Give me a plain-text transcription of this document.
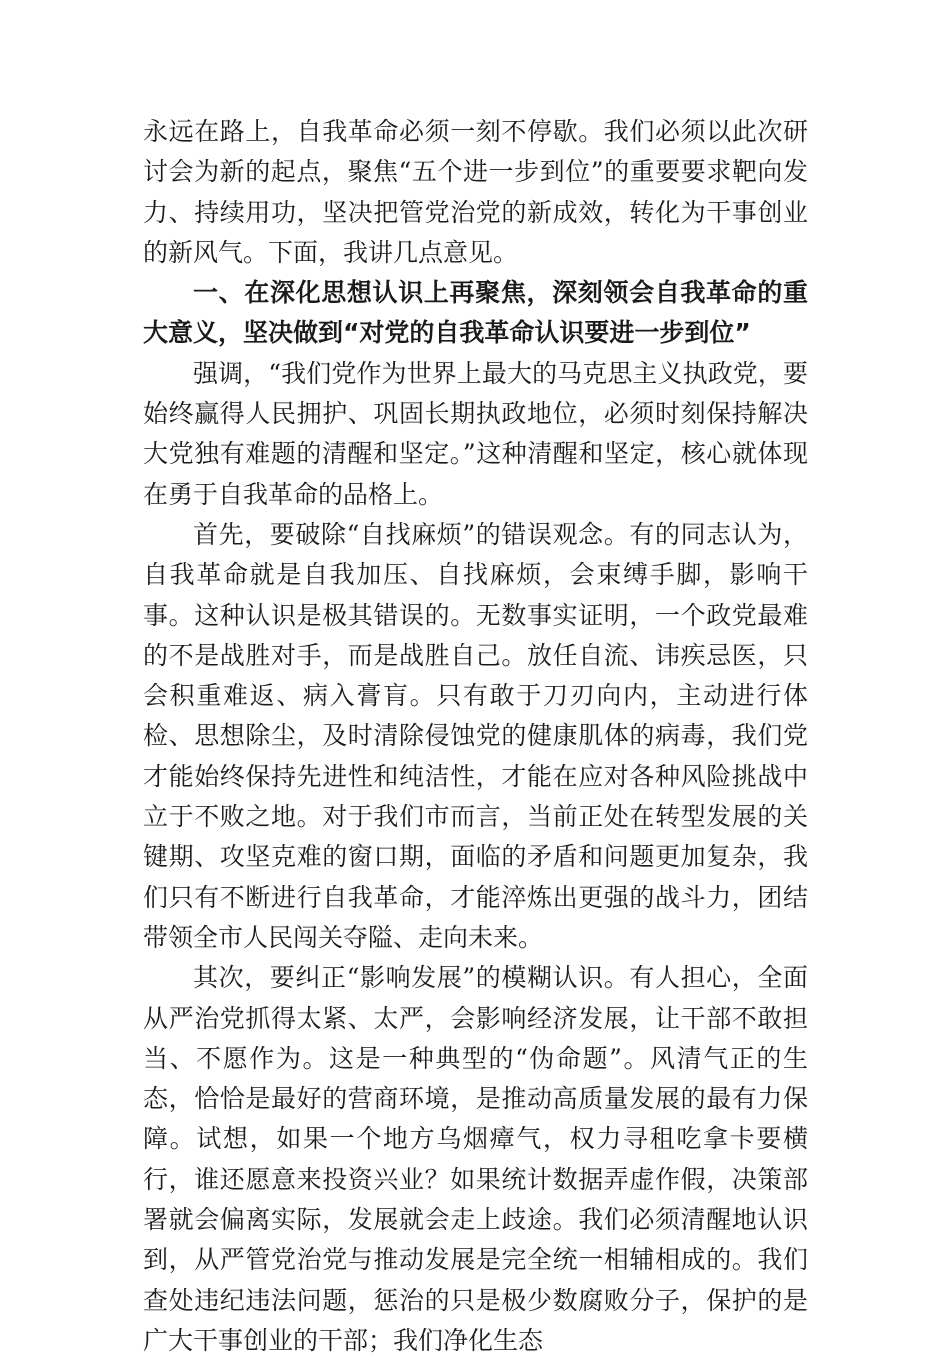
永远在路上，自我革命必须一刻不停歇。我们必须以此次研讨会为新的起点，聚焦“五个进一步到位”的重要要求靶向发力、持续用功，坚决把管党治党的新成效，转化为干事创业的新风气。下面，我讲几点意见。

一、在深化思想认识上再聚焦，深刻领会自我革命的重大意义，坚决做到“对党的自我革命认识要进一步到位”

强调，“我们党作为世界上最大的马克思主义执政党，要始终赢得人民拥护、巩固长期执政地位，必须时刻保持解决大党独有难题的清醒和坚定。”这种清醒和坚定，核心就体现在勇于自我革命的品格上。

首先，要破除“自找麻烦”的错误观念。有的同志认为，自我革命就是自我加压、自找麻烦，会束缚手脚，影响干事。这种认识是极其错误的。无数事实证明，一个政党最难的不是战胜对手，而是战胜自己。放任自流、讳疾忌医，只会积重难返、病入膏肓。只有敢于刀刃向内，主动进行体检、思想除尘，及时清除侵蚀党的健康肌体的病毒，我们党才能始终保持先进性和纯洁性，才能在应对各种风险挑战中立于不败之地。对于我们市而言，当前正处在转型发展的关键期、攻坚克难的窗口期，面临的矛盾和问题更加复杂，我们只有不断进行自我革命，才能淬炼出更强的战斗力，团结带领全市人民闯关夺隘、走向未来。

其次，要纠正“影响发展”的模糊认识。有人担心，全面从严治党抓得太紧、太严，会影响经济发展，让干部不敢担当、不愿作为。这是一种典型的“伪命题”。风清气正的生态，恰恰是最好的营商环境，是推动高质量发展的最有力保障。试想，如果一个地方乌烟瘴气，权力寻租吃拿卡要横行，谁还愿意来投资兴业？如果统计数据弄虚作假，决策部署就会偏离实际，发展就会走上歧途。我们必须清醒地认识到，从严管党治党与推动发展是完全统一相辅相成的。我们查处违纪违法问题，惩治的只是极少数腐败分子，保护的是广大干事创业的干部；我们净化生态
